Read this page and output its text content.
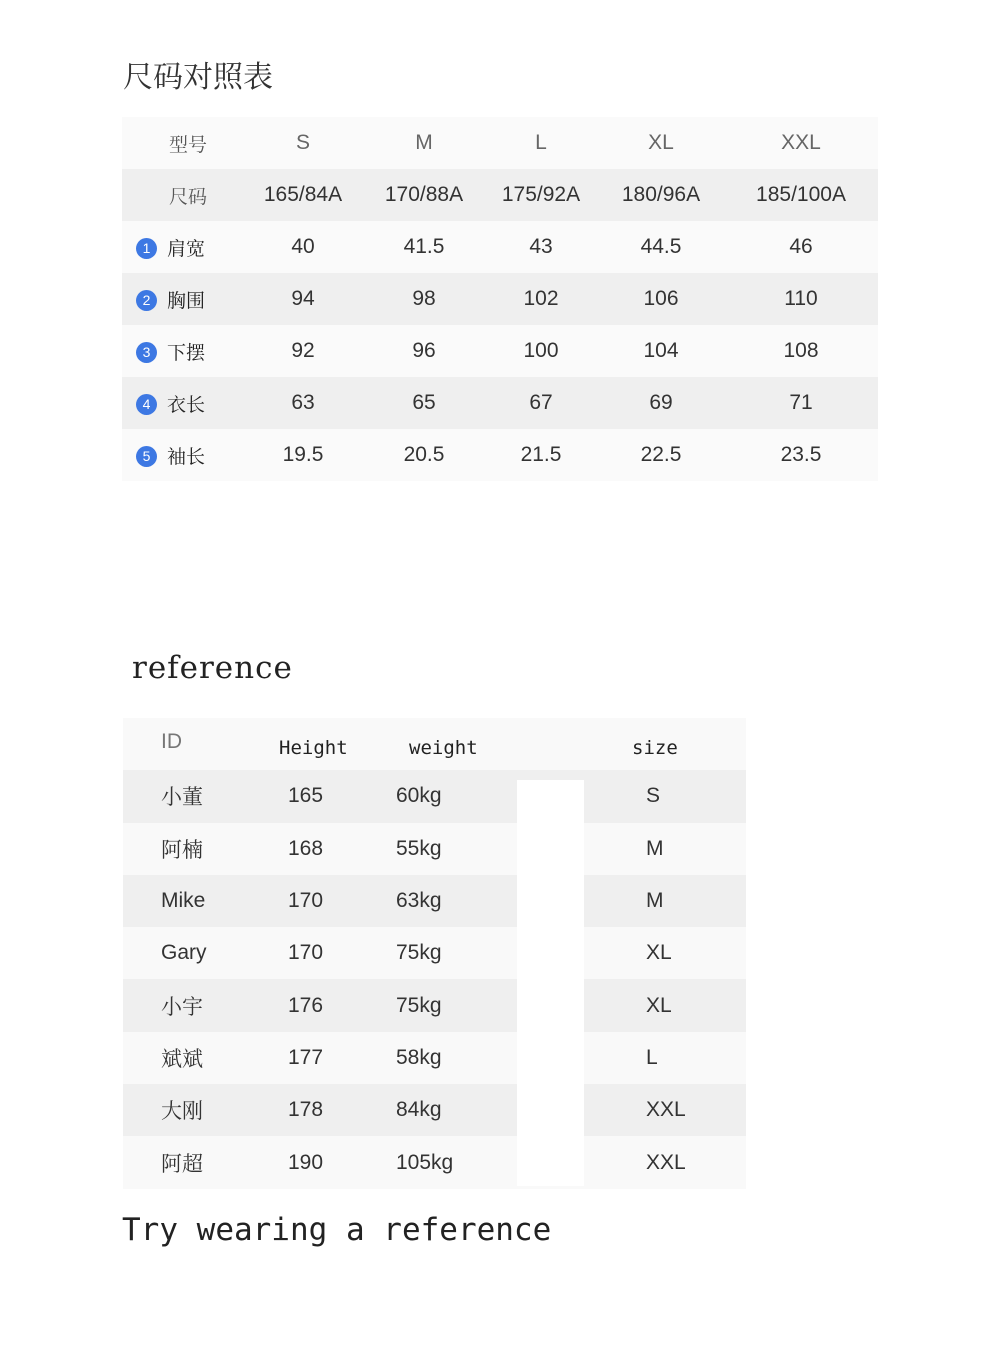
尺码对照表
型号	S	M	L	XL	XXL
尺码	165/84A	170/88A	175/92A	180/96A	185/100A
1 肩宽	40	41.5	43	44.5	46
2 胸围	94	98	102	106	110
3 下摆	92	96	100	104	108
4 衣长	63	65	67	69	71
5 袖长	19.5	20.5	21.5	22.5	23.5
reference
ID	Height	weight	size
小董	165	60kg	S
阿楠	168	55kg	M
Mike	170	63kg	M
Gary	170	75kg	XL
小宇	176	75kg	XL
斌斌	177	58kg	L
大刚	178	84kg	XXL
阿超	190	105kg	XXL

Try wearing a reference
